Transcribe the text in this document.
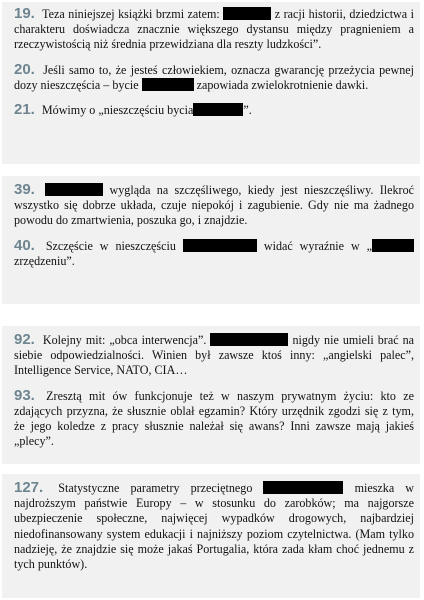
19. Teza niniejszej książki brzmi zatem:	z racji historii, dziedzictwa i charakteru doświadcza znacznie większego dystansu między pragnieniem a rzeczywistością niż średnia przewidziana dla reszty ludzkości”.

20. Jeśli samo to, że jesteś człowiekiem, oznacza gwarancję przeżycia pewnej dozy nieszczęścia – bycie	zapowiada zwielokrotnienie dawki.

21. Mówimy o „nieszczęściu bycia	”.

39.	wygląda na szczęśliwego, kiedy jest nieszczęśliwy. Ilekroć wszystko się dobrze układa, czuje niepokój i zagubienie. Gdy nie ma żadnego powodu do zmartwienia, poszuka go, i znajdzie.

40. Szczęście w nieszczęściu	widać wyraźnie w „ zrzędzeniu”.

92. Kolejny mit: „obca interwencja”.	nigdy nie umieli brać na siebie odpowiedzialności. Winien był zawsze ktoś inny: „angielski palec”, Intelligence Service, NATO, CIA…

93. Zresztą mit ów funkcjonuje też w naszym prywatnym życiu: kto ze zdających przyzna, że słusznie oblał egzamin? Który urzędnik zgodzi się z tym, że jego koledze z pracy słusznie należał się awans? Inni zawsze mają jakieś „plecy”.

127. Statystyczne parametry przeciętnego	mieszka w najdroższym państwie Europy – w stosunku do zarobków; ma najgorsze ubezpieczenie społeczne, najwięcej wypadków drogowych, najbardziej niedofinansowany system edukacji i najniższy poziom czytelnictwa. (Mam tylko nadzieję, że znajdzie się może jakaś Portugalia, która zada kłam choć jednemu z tych punktów).
